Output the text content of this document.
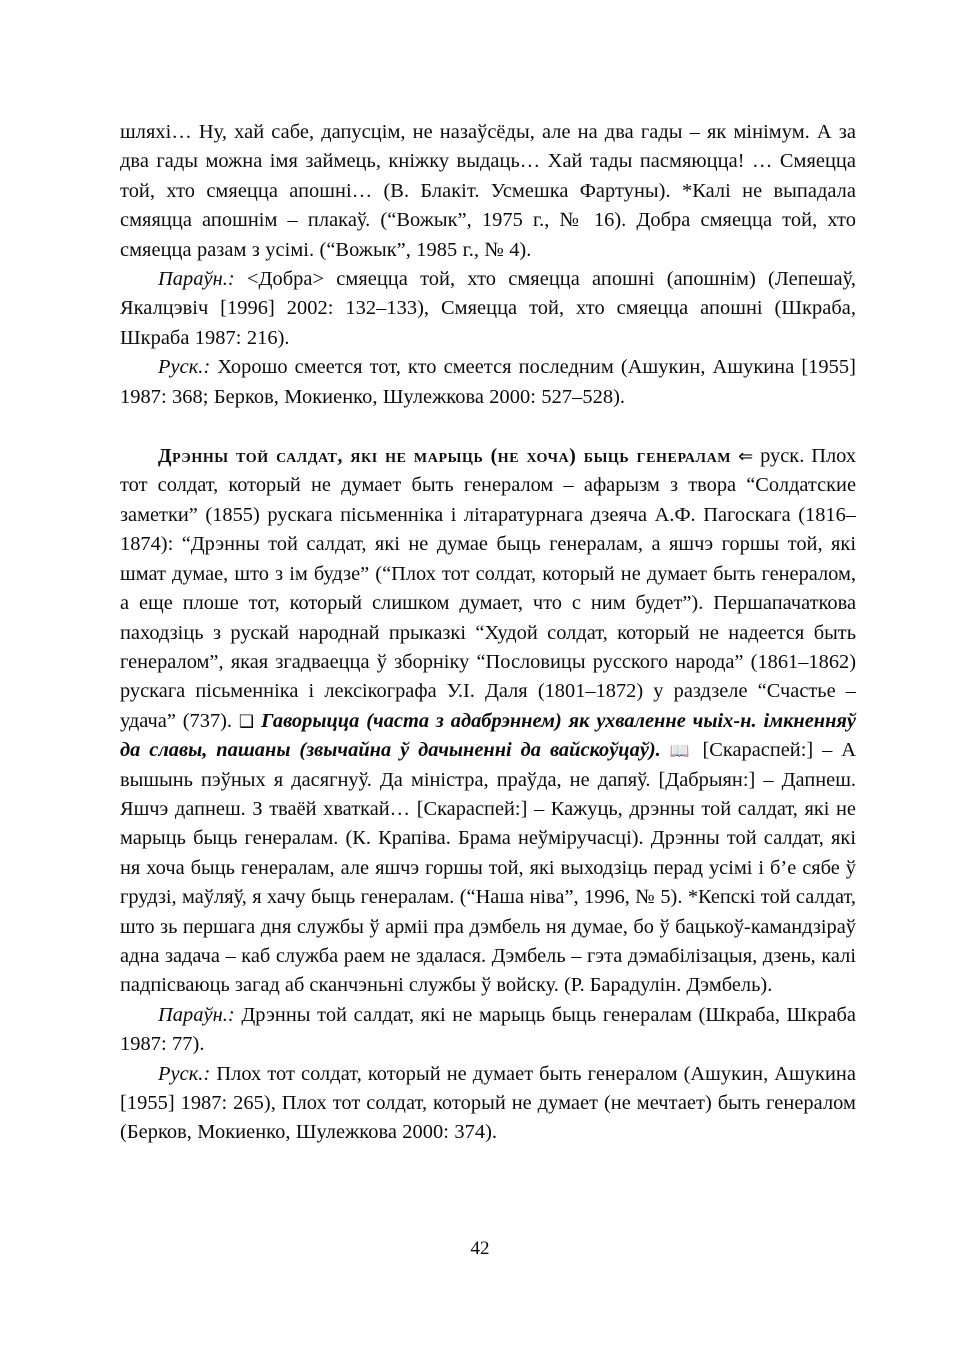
шляхі… Ну, хай сабе, дапусцім, не назаўсёды, але на два гады – як мінімум. А за два гады можна імя займець, кніжку выдаць… Хай тады пасмяюцца! … Смяецца той, хто смяецца апошні… (В. Блакіт. Усмешка Фартуны). *Калі не выпадала смяяцца апошнім – плакаў. (“Вожык”, 1975 г., № 16). Добра смяецца той, хто смяецца разам з усімі. (“Вожык”, 1985 г., № 4).

Параўн.: <Добра> смяецца той, хто смяецца апошні (апошнім) (Лепешаў, Якалцэвіч [1996] 2002: 132–133), Смяецца той, хто смяецца апошні (Шкраба, Шкраба 1987: 216).

Руск.: Хорошо смеется тот, кто смеется последним (Ашукин, Ашукина [1955] 1987: 368; Берков, Мокиенко, Шулежкова 2000: 527–528).

Дрэнны той салдат, які не марыць (не хоча) быць генералам ⇐ руск. Плох тот солдат, который не думает быть генералом – афарызм з твора “Солдатские заметки” (1855) рускага пісьменніка і літаратурнага дзеяча А.Ф. Пагоскага (1816–1874): “Дрэнны той салдат, які не думае быць генералам, а яшчэ горшы той, які шмат думае, што з ім будзе” (“Плох тот солдат, который не думает быть генералом, а еще плоше тот, который слишком думает, что с ним будет”). Першапачаткова паходзіць з рускай народнай прыказкі “Худой солдат, который не надеется быть генералом”, якая згадваецца ў зборніку “Пословицы русского народа” (1861–1862) рускага пісьменніка і лексікографа У.І. Даля (1801–1872) у раздзеле “Счастье – удача” (737). ❑ Гаворыцца (часта з адабрэннем) як ухваленне чыіх-н. імкненняў да славы, пашаны (звычайна ў дачыненні да вайскоўцаў). 📖 [Скараспей:] – А вышынь пэўных я дасягнуў. Да міністра, праўда, не дапяў. [Дабрыян:] – Дапнеш. Яшчэ дапнеш. З тваёй хваткай… [Скараспей:] – Кажуць, дрэнны той салдат, які не марыць быць генералам. (К. Крапіва. Брама неўміручасці). Дрэнны той салдат, які ня хоча быць генералам, але яшчэ горшы той, які выходзіць перад усімі і б’е сябе ў грудзі, маўляў, я хачу быць генералам. (“Наша ніва”, 1996, № 5). *Кепскі той салдат, што зь першага дня службы ў арміі пра дэмбель ня думае, бо ў бацькоў-камандзіраў адна задача – каб служба раем не здалася. Дэмбель – гэта дэмабілізацыя, дзень, калі падпісваюць загад аб сканчэньні службы ў войску. (Р. Барадулін. Дэмбель).

Параўн.: Дрэнны той салдат, які не марыць быць генералам (Шкраба, Шкраба 1987: 77).

Руск.: Плох тот солдат, который не думает быть генералом (Ашукин, Ашукина [1955] 1987: 265), Плох тот солдат, который не думает (не мечтает) быть генералом (Берков, Мокиенко, Шулежкова 2000: 374).

42
